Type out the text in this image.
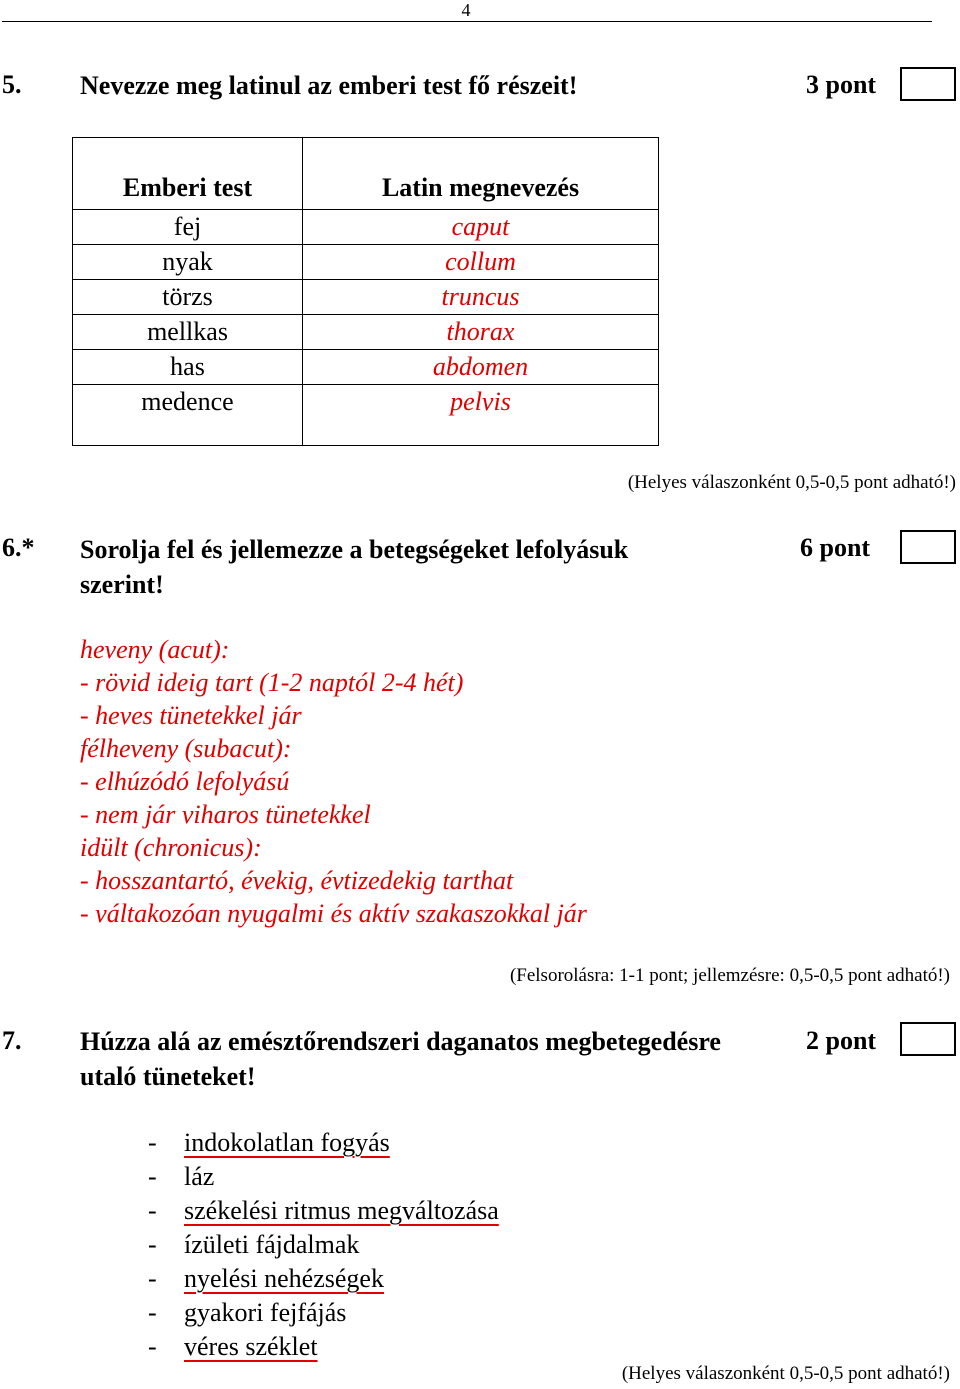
4
5. Nevezze meg latinul az emberi test fő részeit!	3 pont
Emberi test	Latin megnevezés
fej	caput
nyak	collum
törzs	truncus
mellkas	thorax
has	abdomen
medence	pelvis
(Helyes válaszonként 0,5-0,5 pont adható!)
6.* Sorolja fel és jellemezze a betegségeket lefolyásuk
szerint!
6 pont
heveny (acut):
- rövid ideig tart (1-2 naptól 2-4 hét)
- heves tünetekkel jár
félheveny (subacut):
- elhúzódó lefolyású
- nem jár viharos tünetekkel
idült (chronicus):
- hosszantartó, évekig, évtizedekig tarthat
- váltakozóan nyugalmi és aktív szakaszokkal jár
(Felsorolásra: 1-1 pont; jellemzésre: 0,5-0,5 pont adható!)
7. Húzza alá az emésztőrendszeri daganatos megbetegedésre
utaló tüneteket!
2 pont
-	indokolatlan fogyás
-	láz
-	székelési ritmus megváltozása
-	ízületi fájdalmak
-	nyelési nehézségek
-	gyakori fejfájás
-	véres széklet
(Helyes válaszonként 0,5-0,5 pont adható!)
